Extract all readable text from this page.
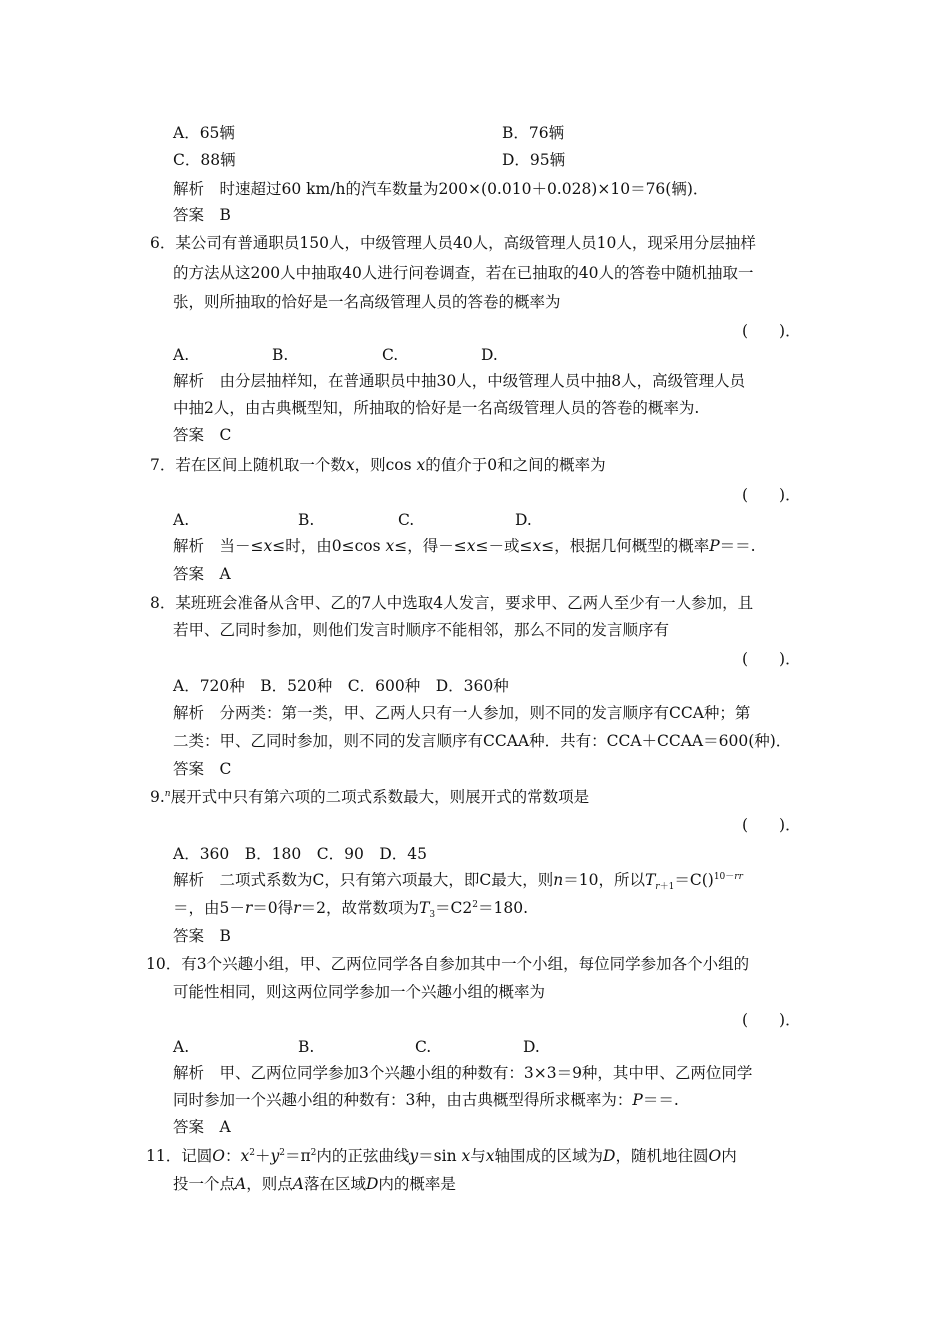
A．65辆	B．76辆
C．88辆	D．95辆
解析　时速超过60 km/h的汽车数量为200×(0.010＋0.028)×10＝76(辆)．
答案　B
6．某公司有普通职员150人，中级管理人员40人，高级管理人员10人，现采用分层抽样
的方法从这200人中抽取40人进行问卷调查，若在已抽取的40人的答卷中随机抽取一
张，则所抽取的恰好是一名高级管理人员的答卷的概率为
(　　)．
A.	B.	C.	D.
解析　由分层抽样知，在普通职员中抽30人，中级管理人员中抽8人，高级管理人员
中抽2人，由古典概型知，所抽取的恰好是一名高级管理人员的答卷的概率为.
答案　C
7．若在区间上随机取一个数x，则cos x的值介于0和之间的概率为
(　　)．
A.	B.	C.	D.
解析　当－≤x≤时，由0≤cos x≤，得－≤x≤－或≤x≤，根据几何概型的概率P＝＝.
答案　A
8．某班班会准备从含甲、乙的7人中选取4人发言，要求甲、乙两人至少有一人参加，且
若甲、乙同时参加，则他们发言时顺序不能相邻，那么不同的发言顺序有
(　　)．
A．720种　B．520种　C．600种　D．360种
解析　分两类：第一类，甲、乙两人只有一人参加，则不同的发言顺序有CCA种；第
二类：甲、乙同时参加，则不同的发言顺序有CCAA种．共有：CCA＋CCAA＝600(种)．
答案　C
9.$^n$展开式中只有第六项的二项式系数最大，则展开式的常数项是
(　　)．
A．360　B．180　C．90　D．45
解析　二项式系数为C，只有第六项最大，即C最大，则n＝10，所以$T_{r+1}=C()^{10-rr}$
＝，由5－r＝0得r＝2，故常数项为$T_3=C2^2=180$.
答案　B
10．有3个兴趣小组，甲、乙两位同学各自参加其中一个小组，每位同学参加各个小组的
可能性相同，则这两位同学参加一个兴趣小组的概率为
(　　)．
A.	B.	C.	D.
解析　甲、乙两位同学参加3个兴趣小组的种数有：3×3＝9种，其中甲、乙两位同学
同时参加一个兴趣小组的种数有：3种，由古典概型得所求概率为：P＝＝.
答案　A
11．记圆O：$x^2+y^2=\pi^2$内的正弦曲线y＝sin x与x轴围成的区域为D，随机地往圆O内
投一个点A，则点A落在区域D内的概率是
